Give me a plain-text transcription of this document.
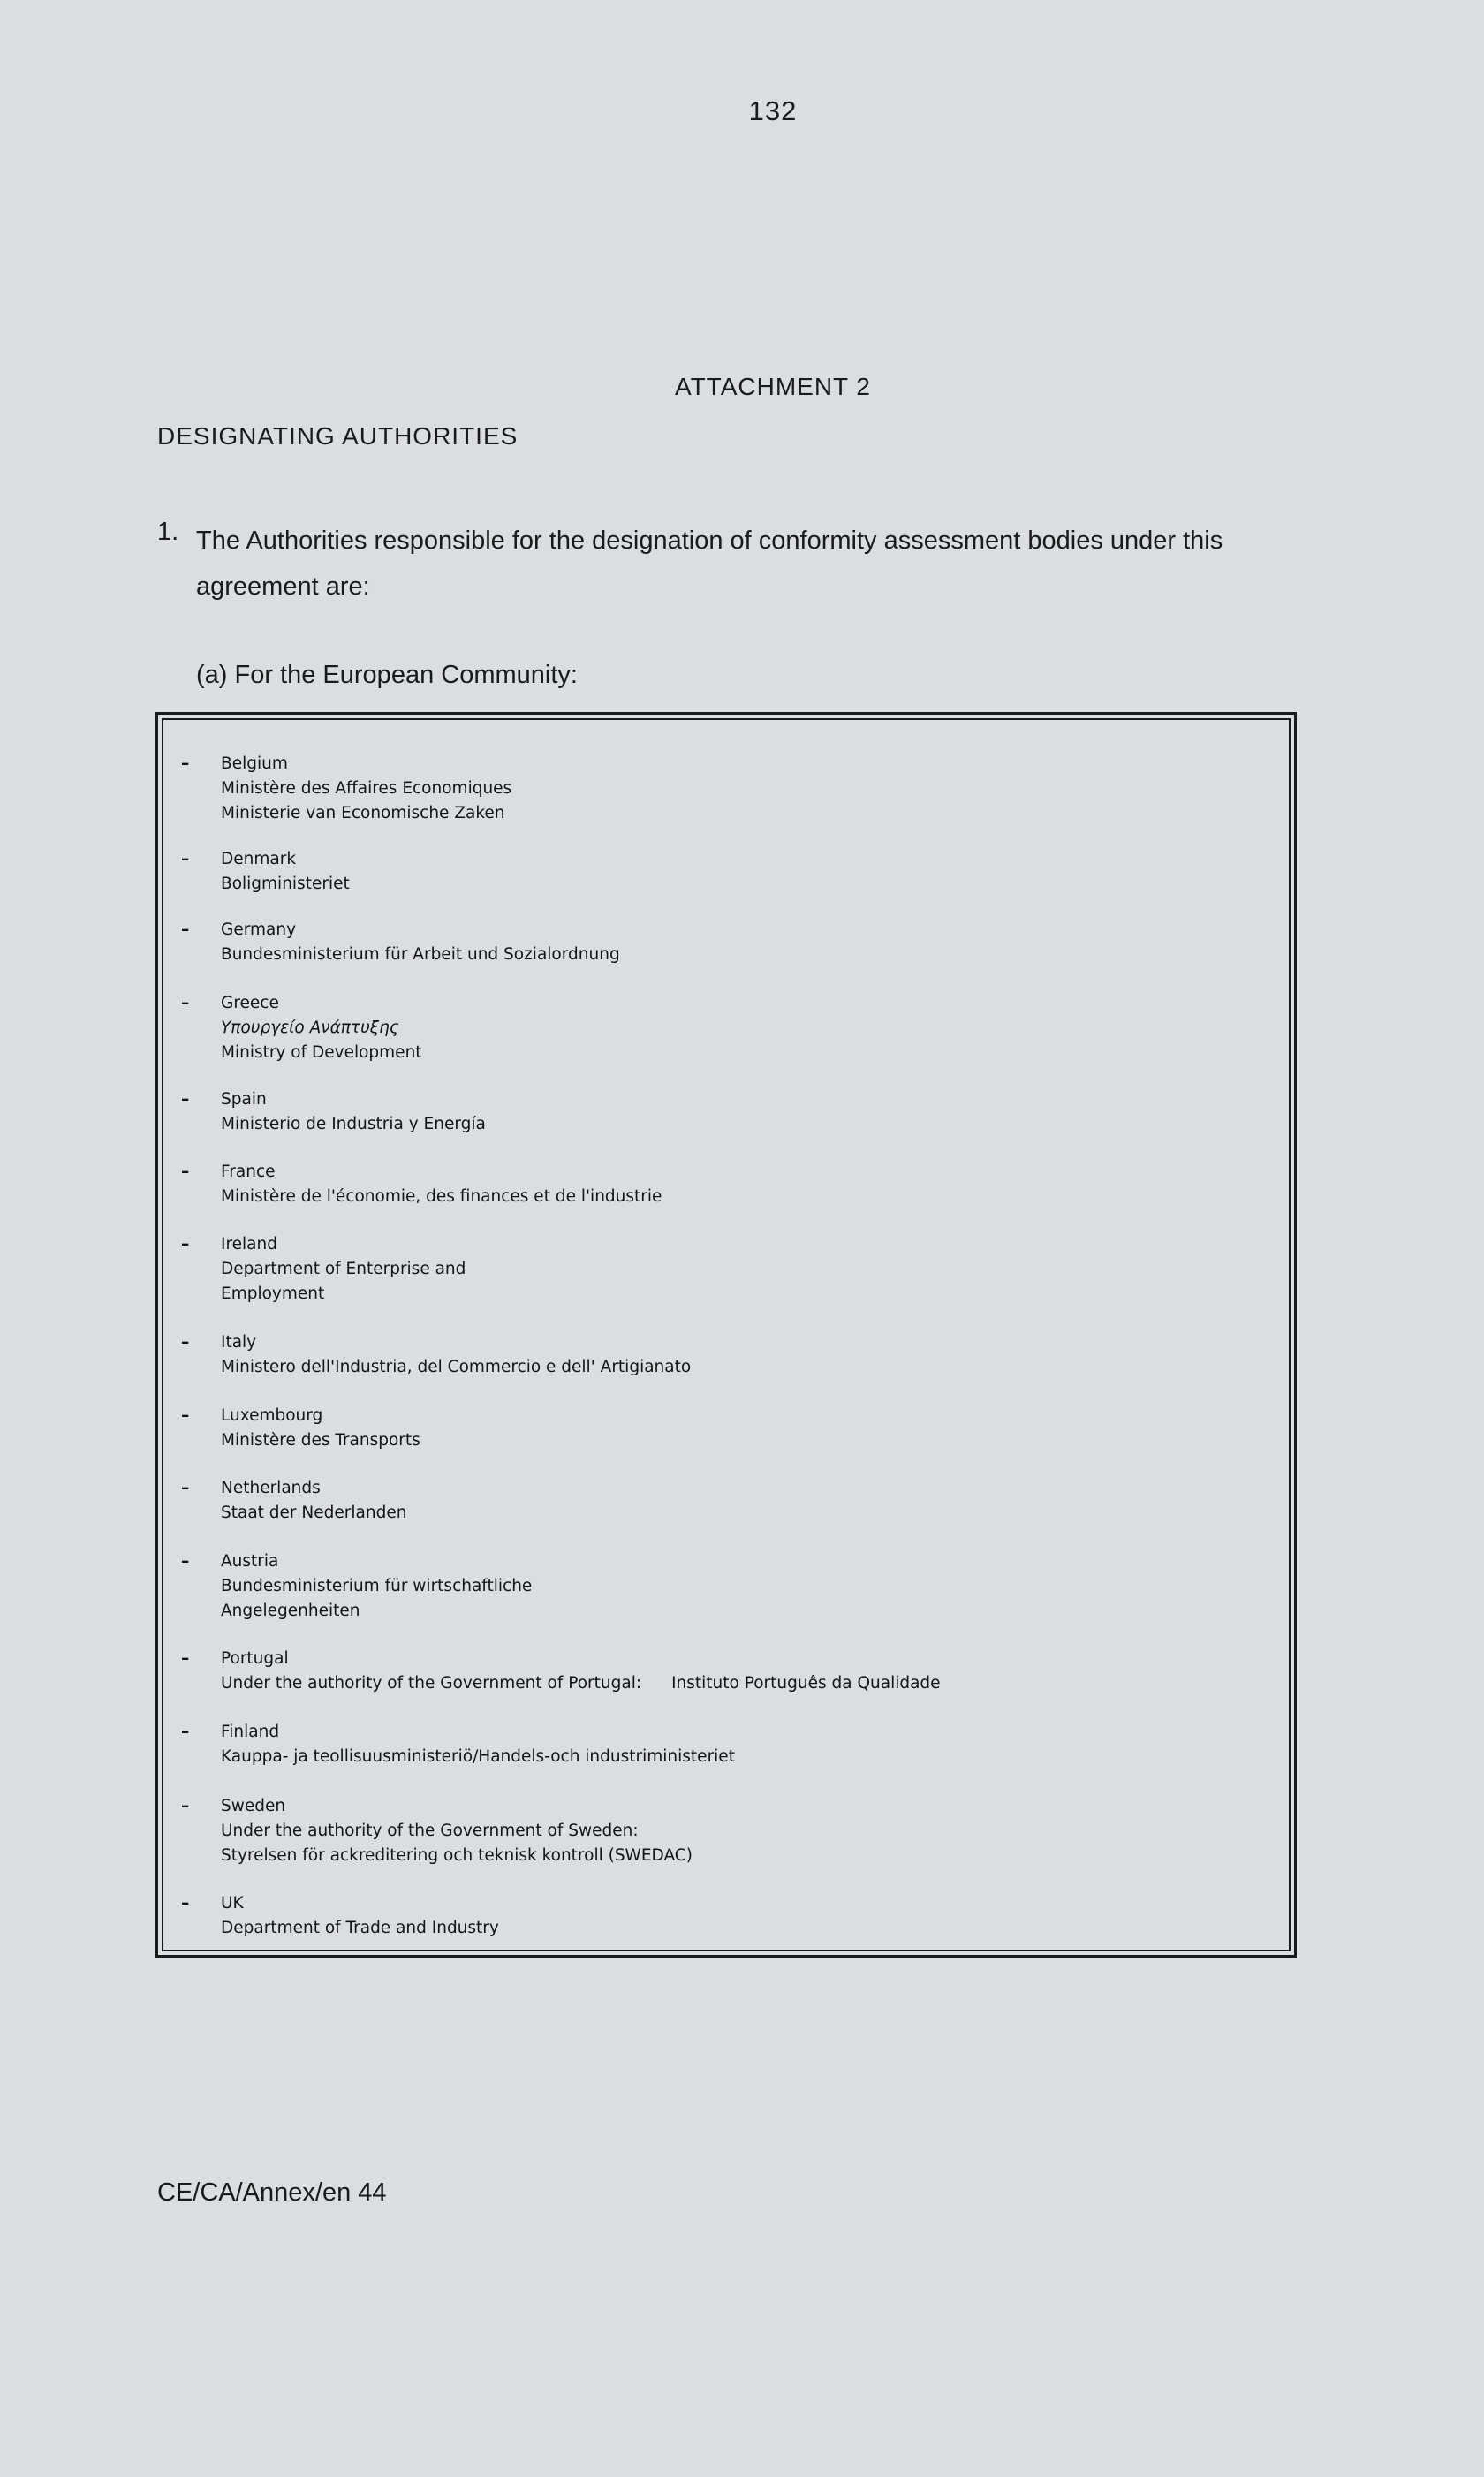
132
ATTACHMENT 2
DESIGNATING AUTHORITIES
1. The Authorities responsible for the designation of conformity assessment bodies under this agreement are:
(a) For the European Community:
– Belgium
Ministère des Affaires Economiques
Ministerie van Economische Zaken
– Denmark
Boligministeriet
– Germany
Bundesministerium für Arbeit und Sozialordnung
– Greece
Υπουργείο Ανάπτυξης
Ministry of Development
– Spain
Ministerio de Industria y Energía
– France
Ministère de l'économie, des finances et de l'industrie
– Ireland
Department of Enterprise and
Employment
– Italy
Ministero dell'Industria, del Commercio e dell' Artigianato
– Luxembourg
Ministère des Transports
– Netherlands
Staat der Nederlanden
– Austria
Bundesministerium für wirtschaftliche
Angelegenheiten
– Portugal
Under the authority of the Government of Portugal: Instituto Português da Qualidade
– Finland
Kauppa- ja teollisuusministeriö/Handels-och industriministeriet
– Sweden
Under the authority of the Government of Sweden:
Styrelsen för ackreditering och teknisk kontroll (SWEDAC)
– UK
Department of Trade and Industry
CE/CA/Annex/en 44
